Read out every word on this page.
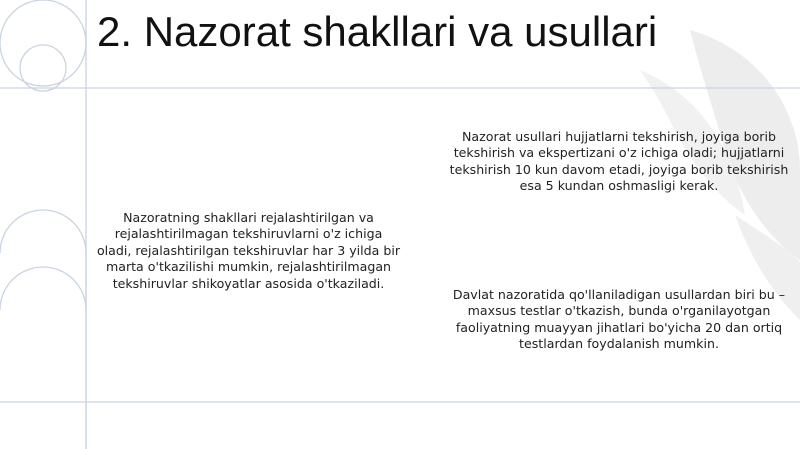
2. Nazorat shakllari va usullari

Nazoratning shakllari rejalashtirilgan va rejalashtirilmagan tekshiruvlarni o'z ichiga oladi, rejalashtirilgan tekshiruvlar har 3 yilda bir marta o'tkazilishi mumkin, rejalashtirilmagan tekshiruvlar shikoyatlar asosida o'tkaziladi.

Nazorat usullari hujjatlarni tekshirish, joyiga borib tekshirish va ekspertizani o'z ichiga oladi; hujjatlarni tekshirish 10 kun davom etadi, joyiga borib tekshirish esa 5 kundan oshmasligi kerak.

Davlat nazoratida qo'llaniladigan usullardan biri bu – maxsus testlar o'tkazish, bunda o'rganilayotgan faoliyatning muayyan jihatlari bo'yicha 20 dan ortiq testlardan foydalanish mumkin.
